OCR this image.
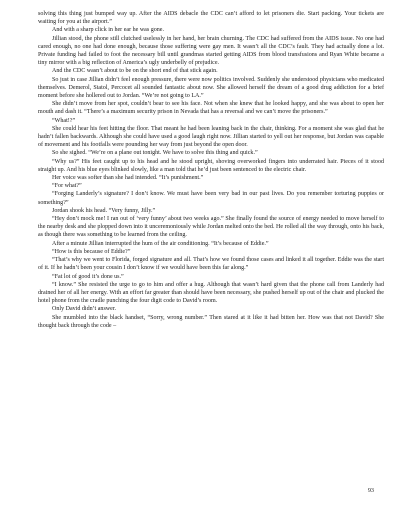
solving this thing just bumped way up. After the AIDS debacle the CDC can’t afford to let prisoners die. Start packing. Your tickets are waiting for you at the airport.”

And with a sharp click in her ear he was gone.

Jillian stood, the phone still clutched uselessly in her hand, her brain churning. The CDC had suffered from the AIDS issue. No one had cared enough, no one had done enough, because those suffering were gay men. It wasn’t all the CDC’s fault. They had actually done a lot. Private funding had failed to foot the necessary bill until grandmas started getting AIDS from blood transfusions and Ryan White became a tiny mirror with a big reflection of America’s ugly underbelly of prejudice.

And the CDC wasn’t about to be on the short end of that stick again.

So just in case Jillian didn’t feel enough pressure, there were now politics involved. Suddenly she understood physicians who medicated themselves. Demerol, Statol, Percocet all sounded fantastic about now. She allowed herself the dream of a good drug addiction for a brief moment before she hollered out to Jordan. “We’re not going to LA.”

She didn’t move from her spot, couldn’t bear to see his face. Not when she knew that he looked happy, and she was about to open her mouth and dash it. “There’s a maximum security prison in Nevada that has a reversal and we can’t move the prisoners.”

“What!?”

She could hear his feet hitting the floor. That meant he had been leaning back in the chair, thinking. For a moment she was glad that he hadn’t fallen backwards. Although she could have used a good laugh right now. Jillian started to yell out her response, but Jordan was capable of movement and his footfalls were pounding her way from just beyond the open door.

So she sighed. “We’re on a plane out tonight. We have to solve this thing and quick.”

“Why us?” His feet caught up to his head and he stood upright, shoving overworked fingers into underrated hair. Pieces of it stood straight up. And his blue eyes blinked slowly, like a man told that he’d just been sentenced to the electric chair.

Her voice was softer than she had intended. “It’s punishment.”

“For what?”

“Forging Landerly’s signature? I don’t know. We must have been very bad in our past lives. Do you remember torturing puppies or something?”

Jordan shook his head. “Very funny, Jilly.”

“Hey don’t mock me! I ran out of ‘very funny’ about two weeks ago.” She finally found the source of energy needed to move herself to the nearby desk and she plopped down into it unceremoniously while Jordan melted onto the bed. He rolled all the way through, onto his back, as though there was something to be learned from the ceiling.

After a minute Jillian interrupted the hum of the air conditioning. “It’s because of Eddie.”

“How is this because of Eddie?”

“That’s why we went to Florida, forged signature and all. That’s how we found those cases and linked it all together. Eddie was the start of it. If he hadn’t been your cousin I don’t know if we would have been this far along.”

“Fat lot of good it’s done us.”

“I know.” She resisted the urge to go to him and offer a hug. Although that wasn’t hard given that the phone call from Landerly had drained her of all her energy. With an effort far greater than should have been necessary, she pushed herself up out of the chair and plucked the hotel phone from the cradle punching the four digit code to David’s room.

Only David didn’t answer.

She mumbled into the black handset, “Sorry, wrong number.” Then stared at it like it had bitten her. How was that not David? She thought back through the code –

93
